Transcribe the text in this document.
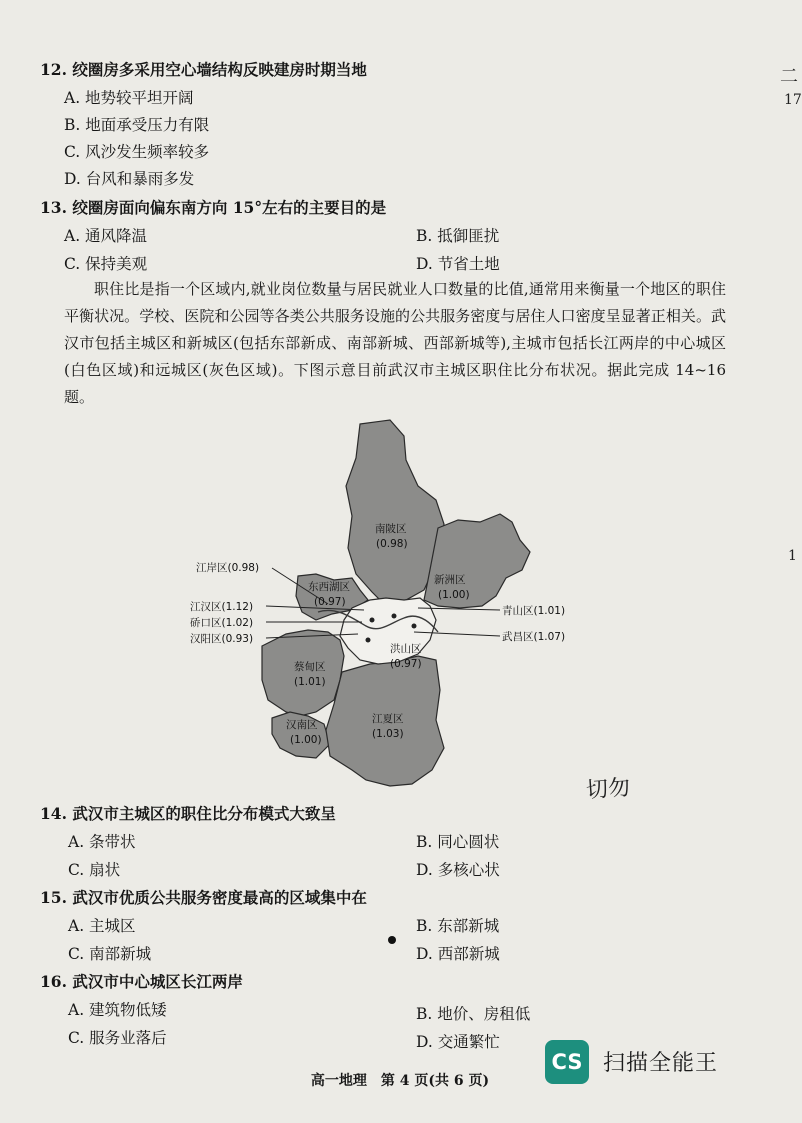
二
17
1
12. 绞圈房多采用空心墙结构反映建房时期当地
A. 地势较平坦开阔
B. 地面承受压力有限
C. 风沙发生频率较多
D. 台风和暴雨多发
13. 绞圈房面向偏东南方向 15°左右的主要目的是
A. 通风降温	B. 抵御匪扰
C. 保持美观	D. 节省土地
职住比是指一个区域内,就业岗位数量与居民就业人口数量的比值,通常用来衡量一个地区的职住平衡状况。学校、医院和公园等各类公共服务设施的公共服务密度与居住人口密度呈显著正相关。武汉市包括主城区和新城区(包括东部新成、南部新城、西部新城等),主城市包括长江两岸的中心城区(白色区域)和远城区(灰色区域)。下图示意目前武汉市主城区职住比分布状况。据此完成 14~16 题。
南陂区
(0.98)
新洲区
(1.00)
东西湖区
(0.97)
蔡甸区
(1.01)
汉南区
(1.00)
江夏区
(1.03)
洪山区
(0.97)
江岸区(0.98)
江汉区(1.12)
硚口区(1.02)
汉阳区(0.93)
青山区(1.01)
武昌区(1.07)
切勿
14. 武汉市主城区的职住比分布模式大致呈
A. 条带状	B. 同心圆状
C. 扇状	D. 多核心状
15. 武汉市优质公共服务密度最高的区域集中在
A. 主城区	B. 东部新城
C. 南部新城	D. 西部新城
16. 武汉市中心城区长江两岸
A. 建筑物低矮	B. 地价、房租低
C. 服务业落后	D. 交通繁忙
CS 扫描全能王
高一地理　第 4 页(共 6 页)
